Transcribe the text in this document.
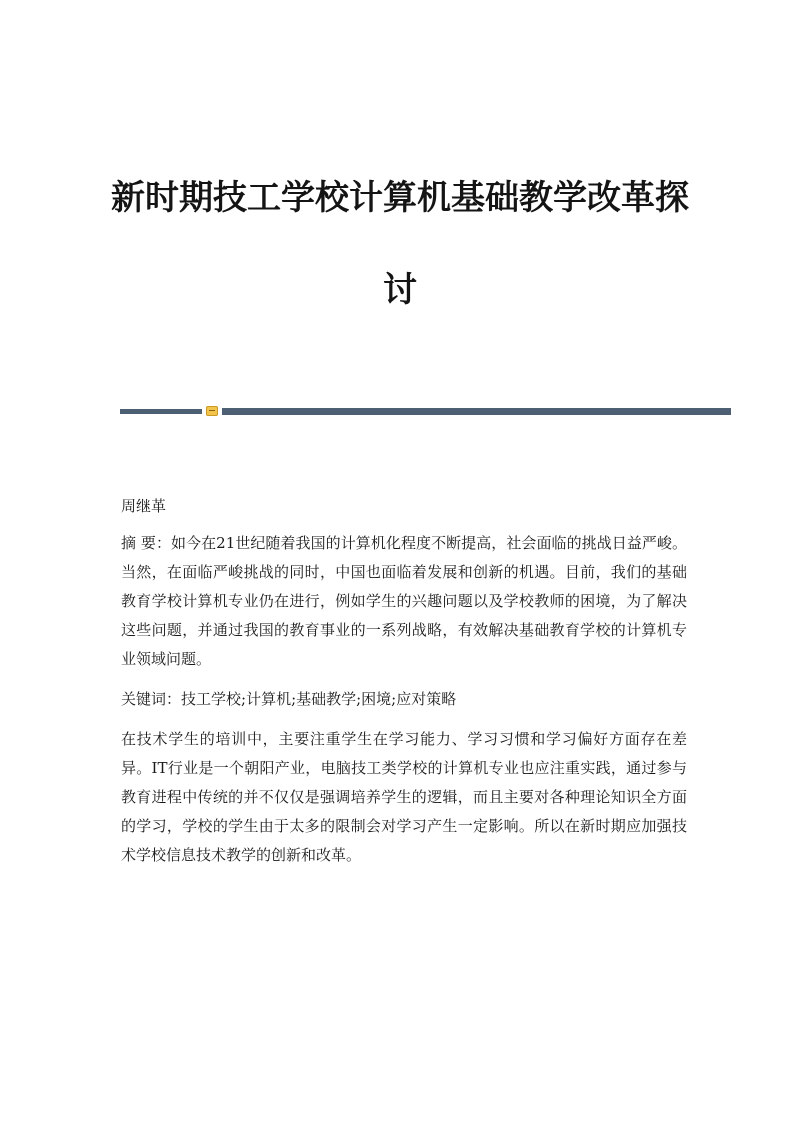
新时期技工学校计算机基础教学改革探
讨

周继革

摘 要：如今在21世纪随着我国的计算机化程度不断提高，社会面临的挑战日益严峻。当然，在面临严峻挑战的同时，中国也面临着发展和创新的机遇。目前，我们的基础教育学校计算机专业仍在进行，例如学生的兴趣问题以及学校教师的困境，为了解决这些问题，并通过我国的教育事业的一系列战略，有效解决基础教育学校的计算机专业领域问题。

关键词：技工学校;计算机;基础教学;困境;应对策略

在技术学生的培训中，主要注重学生在学习能力、学习习惯和学习偏好方面存在差异。IT行业是一个朝阳产业，电脑技工类学校的计算机专业也应注重实践，通过参与教育进程中传统的并不仅仅是强调培养学生的逻辑，而且主要对各种理论知识全方面的学习，学校的学生由于太多的限制会对学习产生一定影响。所以在新时期应加强技术学校信息技术教学的创新和改革。
